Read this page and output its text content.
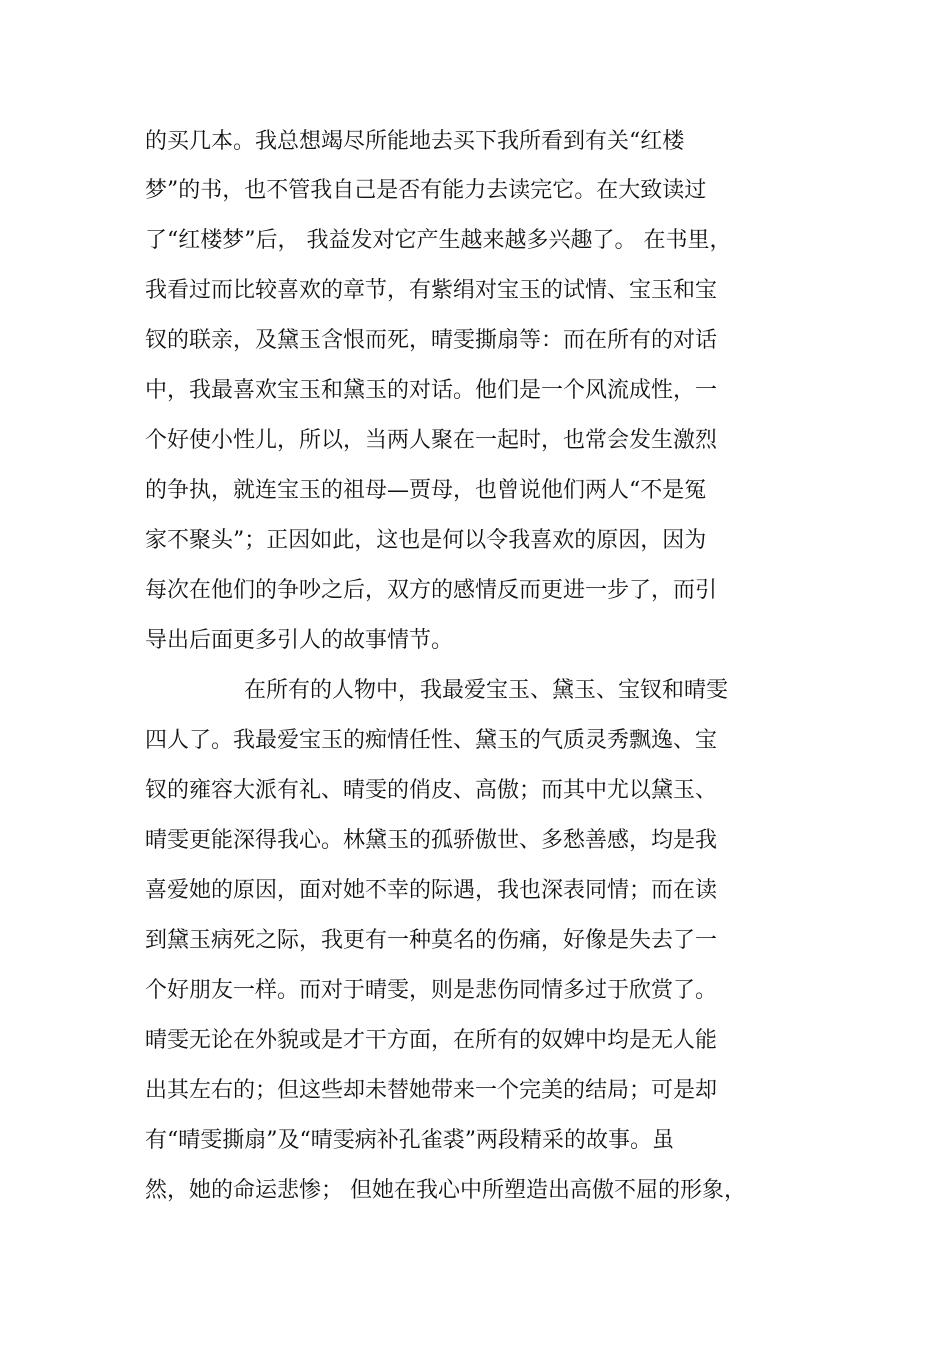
的买几本。我总想竭尽所能地去买下我所看到有关“红楼
梦”的书，也不管我自己是否有能力去读完它。在大致读过
了“红楼梦”后， 我益发对它产生越来越多兴趣了。 在书里，
我看过而比较喜欢的章节，有紫绢对宝玉的试情、宝玉和宝
钗的联亲，及黛玉含恨而死，晴雯撕扇等：而在所有的对话
中，我最喜欢宝玉和黛玉的对话。他们是一个风流成性，一
个好使小性儿，所以，当两人聚在一起时，也常会发生激烈
的争执，就连宝玉的祖母—贾母，也曾说他们两人“不是冤
家不聚头”；正因如此，这也是何以令我喜欢的原因，因为
每次在他们的争吵之后，双方的感情反而更进一步了，而引
导出后面更多引人的故事情节。
在所有的人物中，我最爱宝玉、黛玉、宝钗和晴雯
四人了。我最爱宝玉的痴情任性、黛玉的气质灵秀飘逸、宝
钗的雍容大派有礼、晴雯的俏皮、高傲；而其中尤以黛玉、
晴雯更能深得我心。林黛玉的孤骄傲世、多愁善感，均是我
喜爱她的原因，面对她不幸的际遇，我也深表同情；而在读
到黛玉病死之际，我更有一种莫名的伤痛，好像是失去了一
个好朋友一样。而对于晴雯，则是悲伤同情多过于欣赏了。
晴雯无论在外貌或是才干方面，在所有的奴婢中均是无人能
出其左右的；但这些却未替她带来一个完美的结局；可是却
有“晴雯撕扇”及“晴雯病补孔雀裘”两段精采的故事。虽
然，她的命运悲惨； 但她在我心中所塑造出高傲不屈的形象，
